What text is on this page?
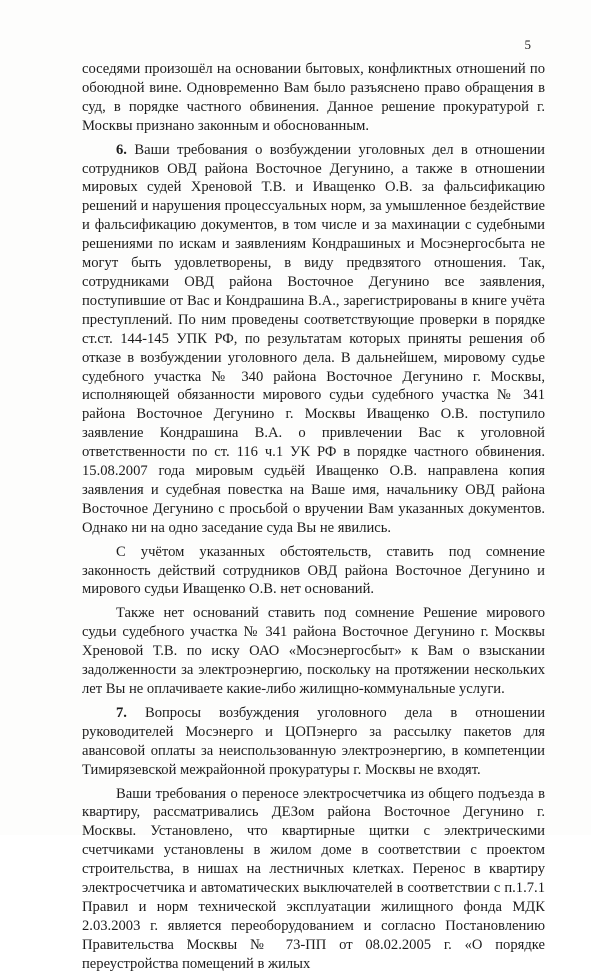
5

соседями произошёл на основании бытовых, конфликтных отношений по обоюдной вине. Одновременно Вам было разъяснено право обращения в суд, в порядке частного обвинения. Данное решение прокуратурой г. Москвы признано законным и обоснованным.

6. Ваши требования о возбуждении уголовных дел в отношении сотрудников ОВД района Восточное Дегунино, а также в отношении мировых судей Хреновой Т.В. и Иващенко О.В. за фальсификацию решений и нарушения процессуальных норм, за умышленное бездействие и фальсификацию документов, в том числе и за махинации с судебными решениями по искам и заявлениям Кондрашиных и Мосэнергосбыта не могут быть удовлетворены, в виду предвзятого отношения. Так, сотрудниками ОВД района Восточное Дегунино все заявления, поступившие от Вас и Кондрашина В.А., зарегистрированы в книге учёта преступлений. По ним проведены соответствующие проверки в порядке ст.ст. 144-145 УПК РФ, по результатам которых приняты решения об отказе в возбуждении уголовного дела. В дальнейшем, мировому судье судебного участка № 340 района Восточное Дегунино г. Москвы, исполняющей обязанности мирового судьи судебного участка № 341 района Восточное Дегунино г. Москвы Иващенко О.В. поступило заявление Кондрашина В.А. о привлечении Вас к уголовной ответственности по ст. 116 ч.1 УК РФ в порядке частного обвинения. 15.08.2007 года мировым судьёй Иващенко О.В. направлена копия заявления и судебная повестка на Ваше имя, начальнику ОВД района Восточное Дегунино с просьбой о вручении Вам указанных документов. Однако ни на одно заседание суда Вы не явились.

С учётом указанных обстоятельств, ставить под сомнение законность действий сотрудников ОВД района Восточное Дегунино и мирового судьи Иващенко О.В. нет оснований.

Также нет оснований ставить под сомнение Решение мирового судьи судебного участка № 341 района Восточное Дегунино г. Москвы Хреновой Т.В. по иску ОАО «Мосэнергосбыт» к Вам о взыскании задолженности за электроэнергию, поскольку на протяжении нескольких лет Вы не оплачиваете какие-либо жилищно-коммунальные услуги.

7. Вопросы возбуждения уголовного дела в отношении руководителей Мосэнерго и ЦОПэнерго за рассылку пакетов для авансовой оплаты за неиспользованную электроэнергию, в компетенции Тимирязевской межрайонной прокуратуры г. Москвы не входят.

Ваши требования о переносе электросчетчика из общего подъезда в квартиру, рассматривались ДЕЗом района Восточное Дегунино г. Москвы. Установлено, что квартирные щитки с электрическими счетчиками установлены в жилом доме в соответствии с проектом строительства, в нишах на лестничных клетках. Перенос в квартиру электросчетчика и автоматических выключателей в соответствии с п.1.7.1 Правил и норм технической эксплуатации жилищного фонда МДК 2.03.2003 г. является переоборудованием и согласно Постановлению Правительства Москвы № 73-ПП от 08.02.2005 г. «О порядке переустройства помещений в жилых
